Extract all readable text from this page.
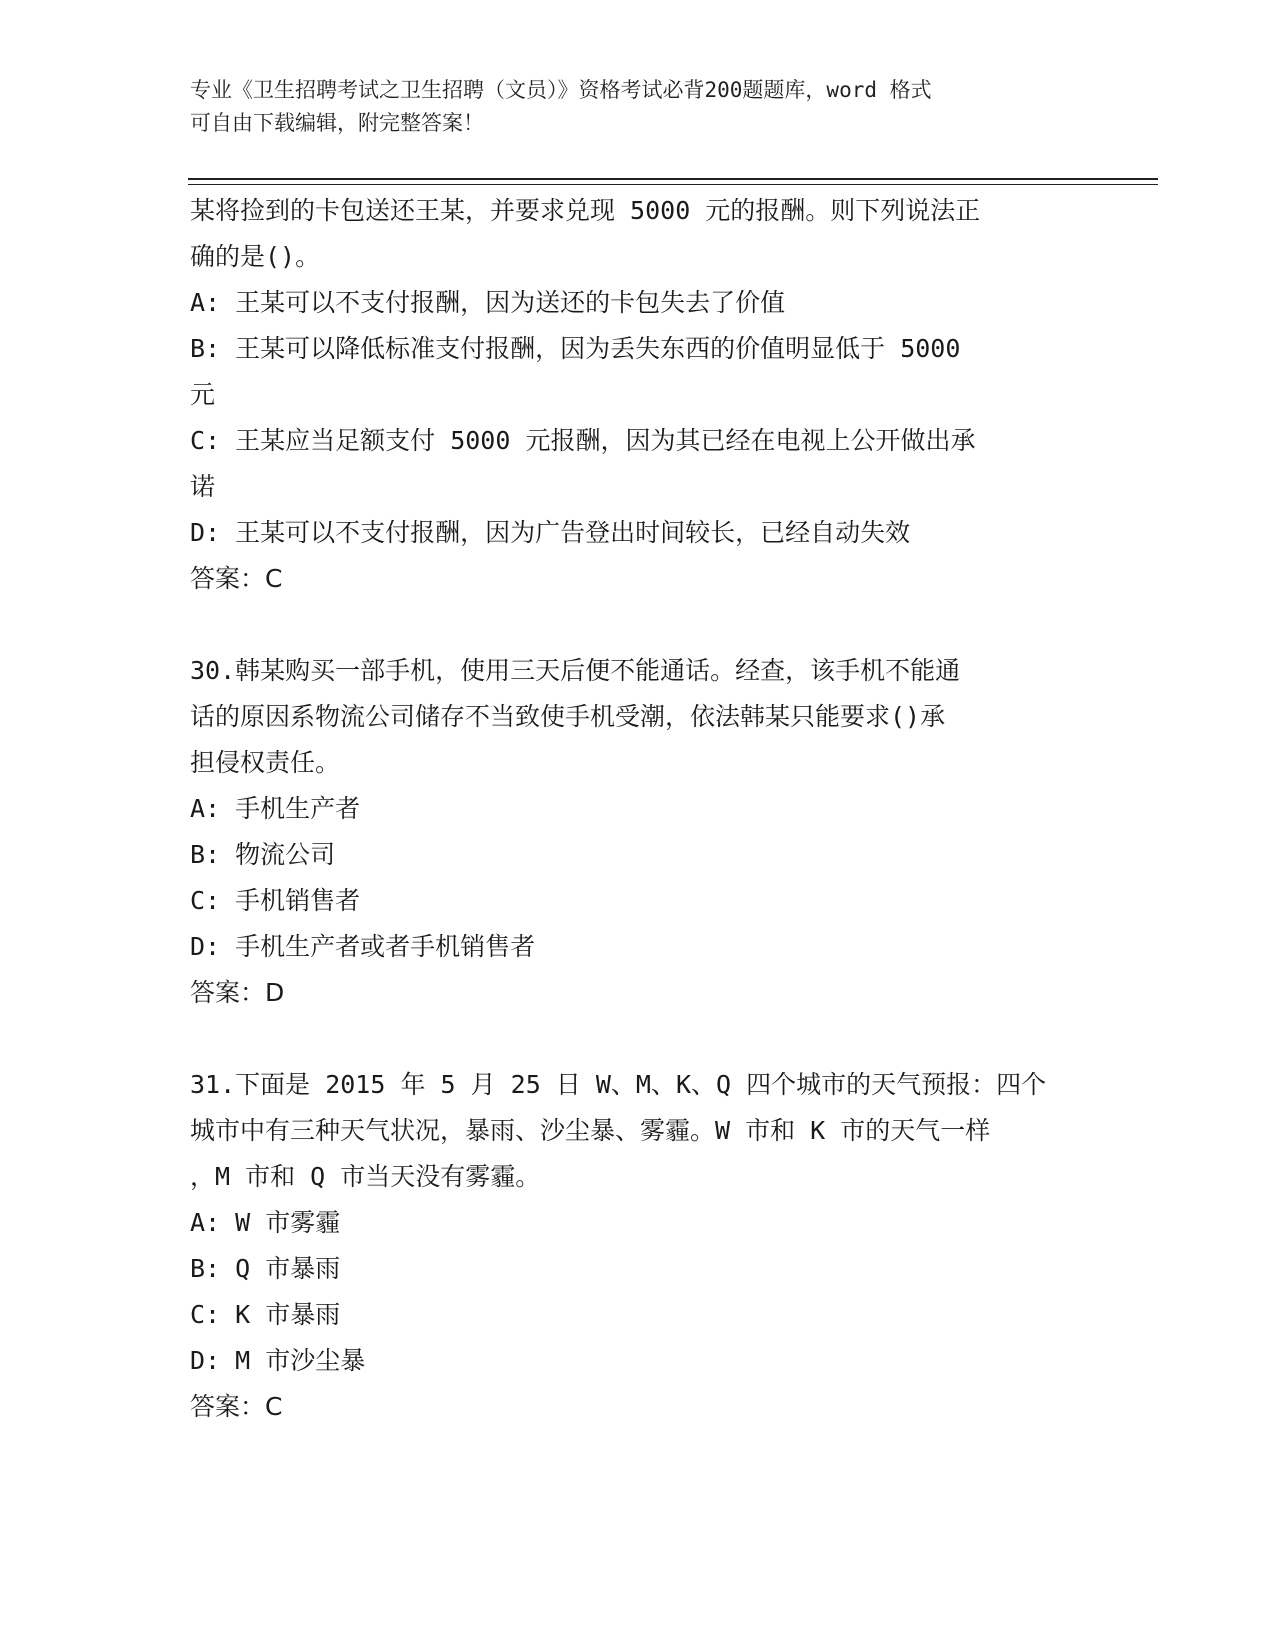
专业《卫生招聘考试之卫生招聘（文员）》资格考试必背200题题库，word 格式
可自由下载编辑，附完整答案！
某将捡到的卡包送还王某，并要求兑现 5000 元的报酬。则下列说法正
确的是()。
A: 王某可以不支付报酬，因为送还的卡包失去了价值
B: 王某可以降低标准支付报酬，因为丢失东西的价值明显低于 5000
元
C: 王某应当足额支付 5000 元报酬，因为其已经在电视上公开做出承
诺
D: 王某可以不支付报酬，因为广告登出时间较长，已经自动失效
答案：C
30.韩某购买一部手机，使用三天后便不能通话。经查，该手机不能通
话的原因系物流公司储存不当致使手机受潮，依法韩某只能要求()承
担侵权责任。
A: 手机生产者
B: 物流公司
C: 手机销售者
D: 手机生产者或者手机销售者
答案：D
31.下面是 2015 年 5 月 25 日 W、M、K、Q 四个城市的天气预报：四个
城市中有三种天气状况，暴雨、沙尘暴、雾霾。W 市和 K 市的天气一样
，M 市和 Q 市当天没有雾霾。
A: W 市雾霾
B: Q 市暴雨
C: K 市暴雨
D: M 市沙尘暴
答案：C
